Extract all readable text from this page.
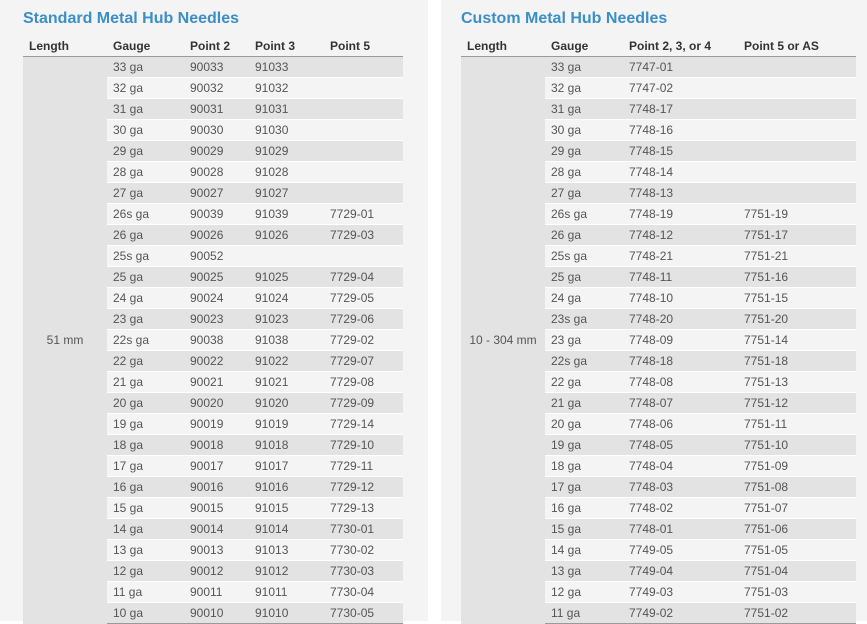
Standard Metal Hub Needles
Length	Gauge	Point 2	Point 3	Point 5
51 mm	33 ga	90033	91033	
	32 ga	90032	91032	
	31 ga	90031	91031	
	30 ga	90030	91030	
	29 ga	90029	91029	
	28 ga	90028	91028	
	27 ga	90027	91027	
	26s ga	90039	91039	7729-01
	26 ga	90026	91026	7729-03
	25s ga	90052		
	25 ga	90025	91025	7729-04
	24 ga	90024	91024	7729-05
	23 ga	90023	91023	7729-06
	22s ga	90038	91038	7729-02
	22 ga	90022	91022	7729-07
	21 ga	90021	91021	7729-08
	20 ga	90020	91020	7729-09
	19 ga	90019	91019	7729-14
	18 ga	90018	91018	7729-10
	17 ga	90017	91017	7729-11
	16 ga	90016	91016	7729-12
	15 ga	90015	91015	7729-13
	14 ga	90014	91014	7730-01
	13 ga	90013	91013	7730-02
	12 ga	90012	91012	7730-03
	11 ga	90011	91011	7730-04
	10 ga	90010	91010	7730-05
Custom Metal Hub Needles
Length	Gauge	Point 2, 3, or 4	Point 5 or AS
10 - 304 mm	33 ga	7747-01	
	32 ga	7747-02	
	31 ga	7748-17	
	30 ga	7748-16	
	29 ga	7748-15	
	28 ga	7748-14	
	27 ga	7748-13	
	26s ga	7748-19	7751-19
	26 ga	7748-12	7751-17
	25s ga	7748-21	7751-21
	25 ga	7748-11	7751-16
	24 ga	7748-10	7751-15
	23s ga	7748-20	7751-20
	23 ga	7748-09	7751-14
	22s ga	7748-18	7751-18
	22 ga	7748-08	7751-13
	21 ga	7748-07	7751-12
	20 ga	7748-06	7751-11
	19 ga	7748-05	7751-10
	18 ga	7748-04	7751-09
	17 ga	7748-03	7751-08
	16 ga	7748-02	7751-07
	15 ga	7748-01	7751-06
	14 ga	7749-05	7751-05
	13 ga	7749-04	7751-04
	12 ga	7749-03	7751-03
	11 ga	7749-02	7751-02
